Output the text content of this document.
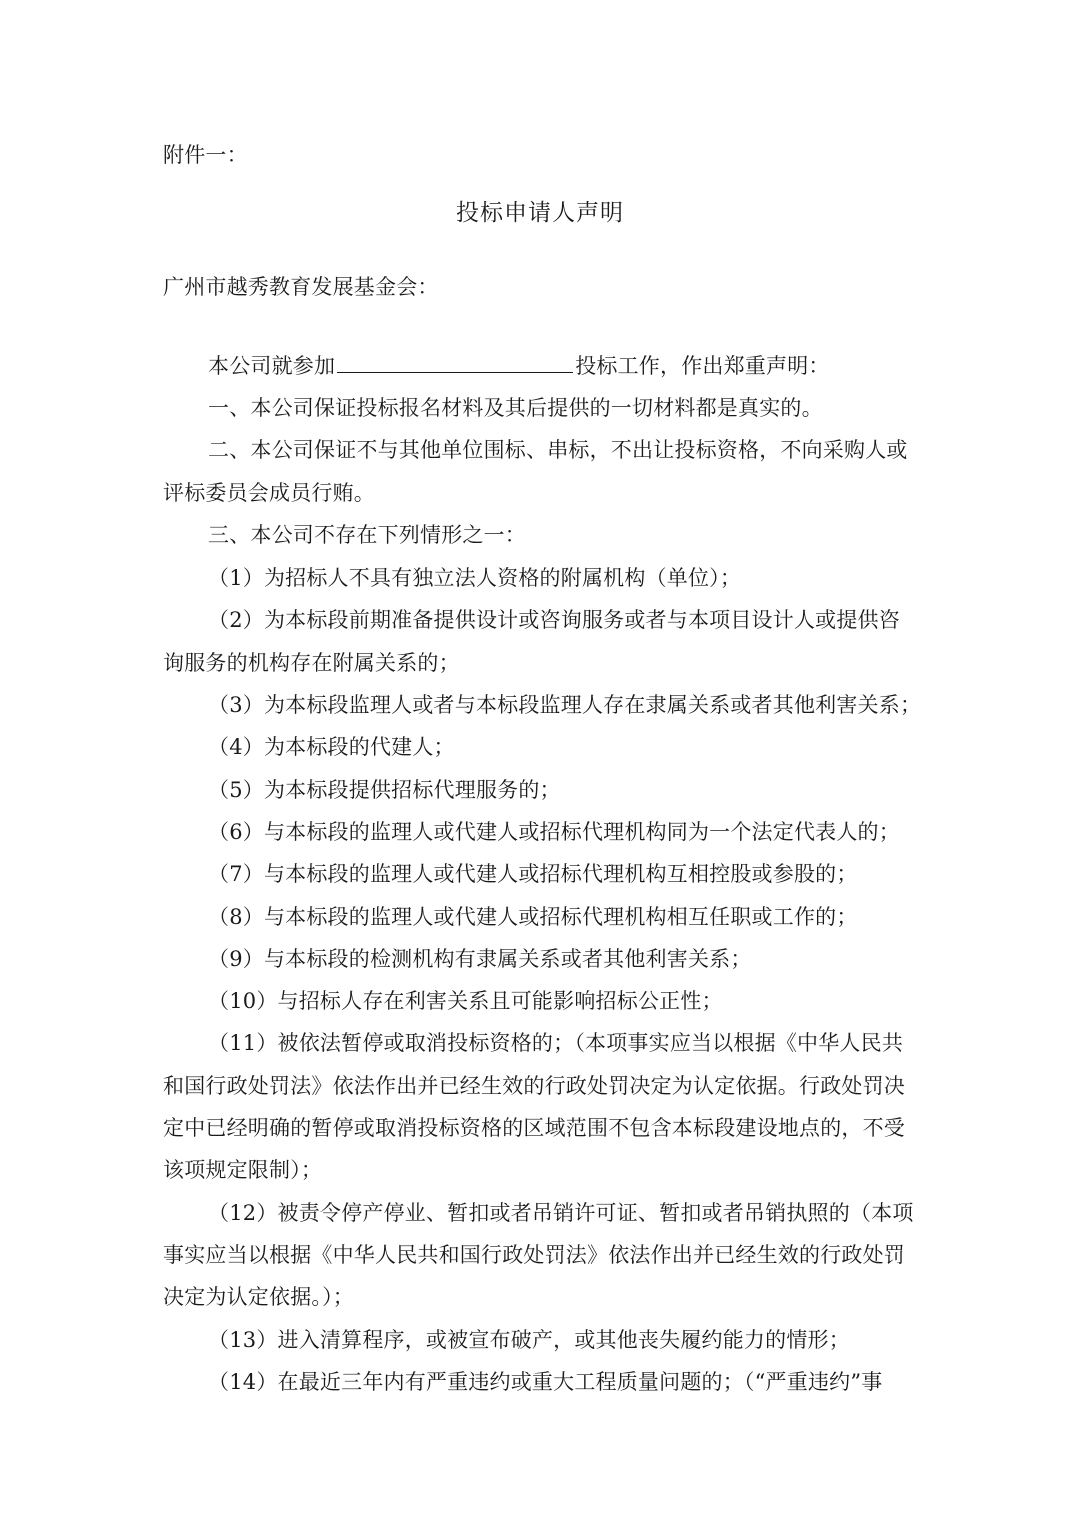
附件一：
投标申请人声明
广州市越秀教育发展基金会：
本公司就参加	投标工作，作出郑重声明：
一、本公司保证投标报名材料及其后提供的一切材料都是真实的。
二、本公司保证不与其他单位围标、串标，不出让投标资格，不向采购人或
评标委员会成员行贿。
三、本公司不存在下列情形之一：
（1）为招标人不具有独立法人资格的附属机构（单位）；
（2）为本标段前期准备提供设计或咨询服务或者与本项目设计人或提供咨
询服务的机构存在附属关系的；
（3）为本标段监理人或者与本标段监理人存在隶属关系或者其他利害关系；
（4）为本标段的代建人；
（5）为本标段提供招标代理服务的；
（6）与本标段的监理人或代建人或招标代理机构同为一个法定代表人的；
（7）与本标段的监理人或代建人或招标代理机构互相控股或参股的；
（8）与本标段的监理人或代建人或招标代理机构相互任职或工作的；
（9）与本标段的检测机构有隶属关系或者其他利害关系；
（10）与招标人存在利害关系且可能影响招标公正性；
（11）被依法暂停或取消投标资格的；（本项事实应当以根据《中华人民共
和国行政处罚法》依法作出并已经生效的行政处罚决定为认定依据。行政处罚决
定中已经明确的暂停或取消投标资格的区域范围不包含本标段建设地点的，不受
该项规定限制）；
（12）被责令停产停业、暂扣或者吊销许可证、暂扣或者吊销执照的（本项
事实应当以根据《中华人民共和国行政处罚法》依法作出并已经生效的行政处罚
决定为认定依据。）；
（13）进入清算程序，或被宣布破产，或其他丧失履约能力的情形；
（14）在最近三年内有严重违约或重大工程质量问题的；（“严重违约”事
